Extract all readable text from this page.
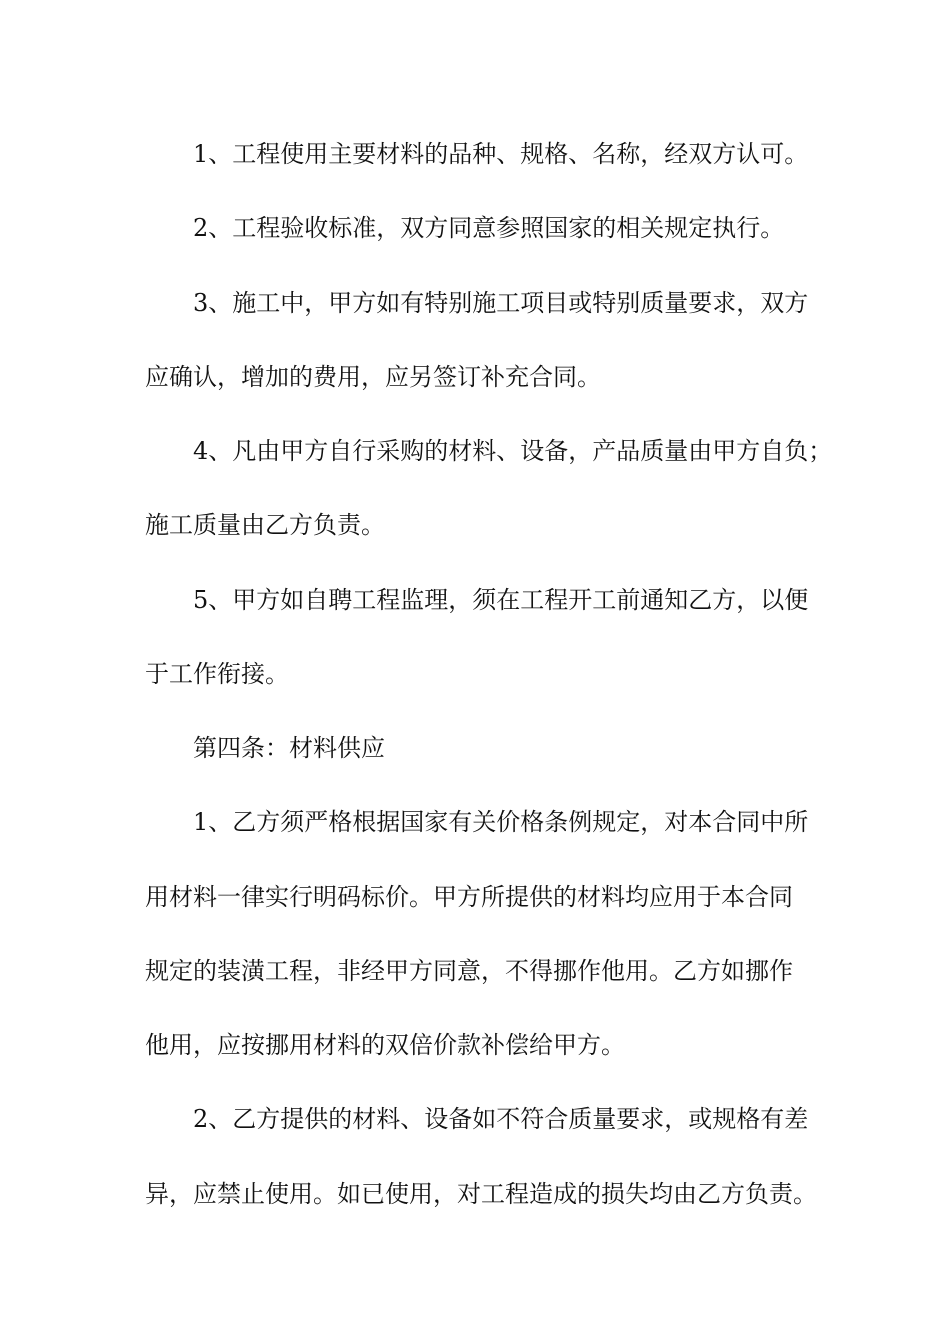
1、工程使用主要材料的品种、规格、名称，经双方认可。

2、工程验收标准，双方同意参照国家的相关规定执行。

3、施工中，甲方如有特别施工项目或特别质量要求，双方

应确认，增加的费用，应另签订补充合同。

4、凡由甲方自行采购的材料、设备，产品质量由甲方自负；

施工质量由乙方负责。

5、甲方如自聘工程监理，须在工程开工前通知乙方，以便

于工作衔接。

第四条：材料供应

1、乙方须严格根据国家有关价格条例规定，对本合同中所

用材料一律实行明码标价。甲方所提供的材料均应用于本合同

规定的装潢工程，非经甲方同意，不得挪作他用。乙方如挪作

他用，应按挪用材料的双倍价款补偿给甲方。

2、乙方提供的材料、设备如不符合质量要求，或规格有差

异，应禁止使用。如已使用，对工程造成的损失均由乙方负责。
